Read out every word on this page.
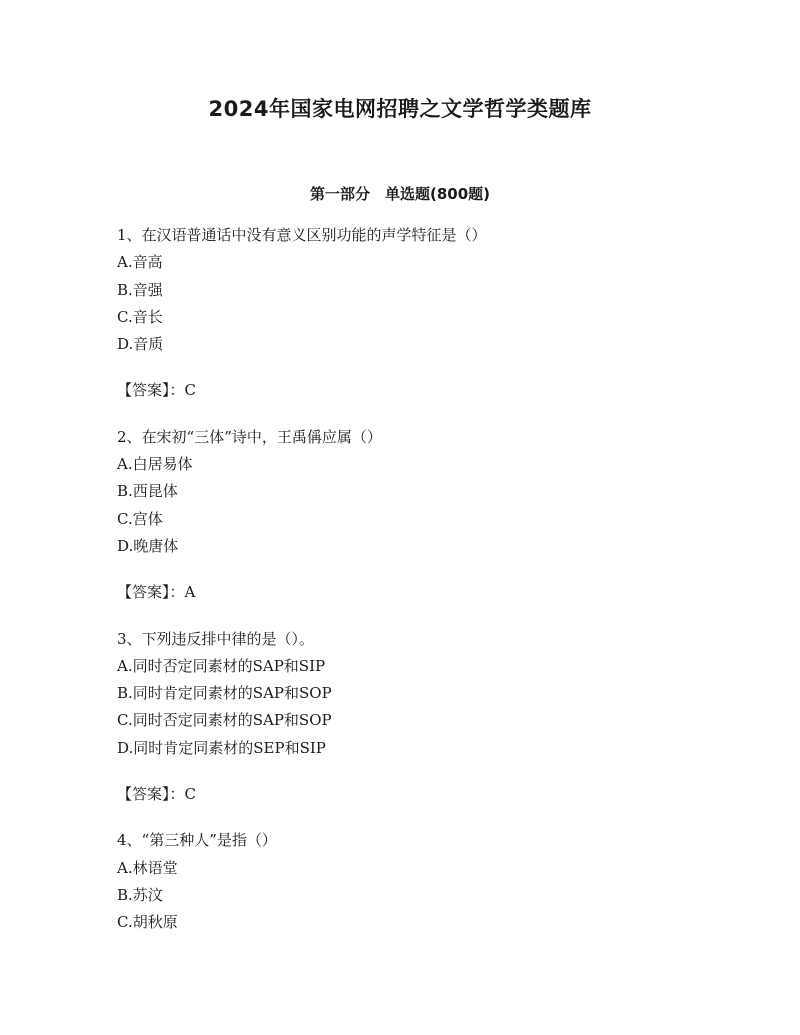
2024年国家电网招聘之文学哲学类题库
第一部分　单选题(800题)
1、在汉语普通话中没有意义区别功能的声学特征是（）
A.音高
B.音强
C.音长
D.音质
【答案】：C
2、在宋初“三体”诗中，王禹偁应属（）
A.白居易体
B.西昆体
C.宫体
D.晚唐体
【答案】：A
3、下列违反排中律的是（）。
A.同时否定同素材的SAP和SIP
B.同时肯定同素材的SAP和SOP
C.同时否定同素材的SAP和SOP
D.同时肯定同素材的SEP和SIP
【答案】：C
4、“第三种人”是指（）
A.林语堂
B.苏汶
C.胡秋原
